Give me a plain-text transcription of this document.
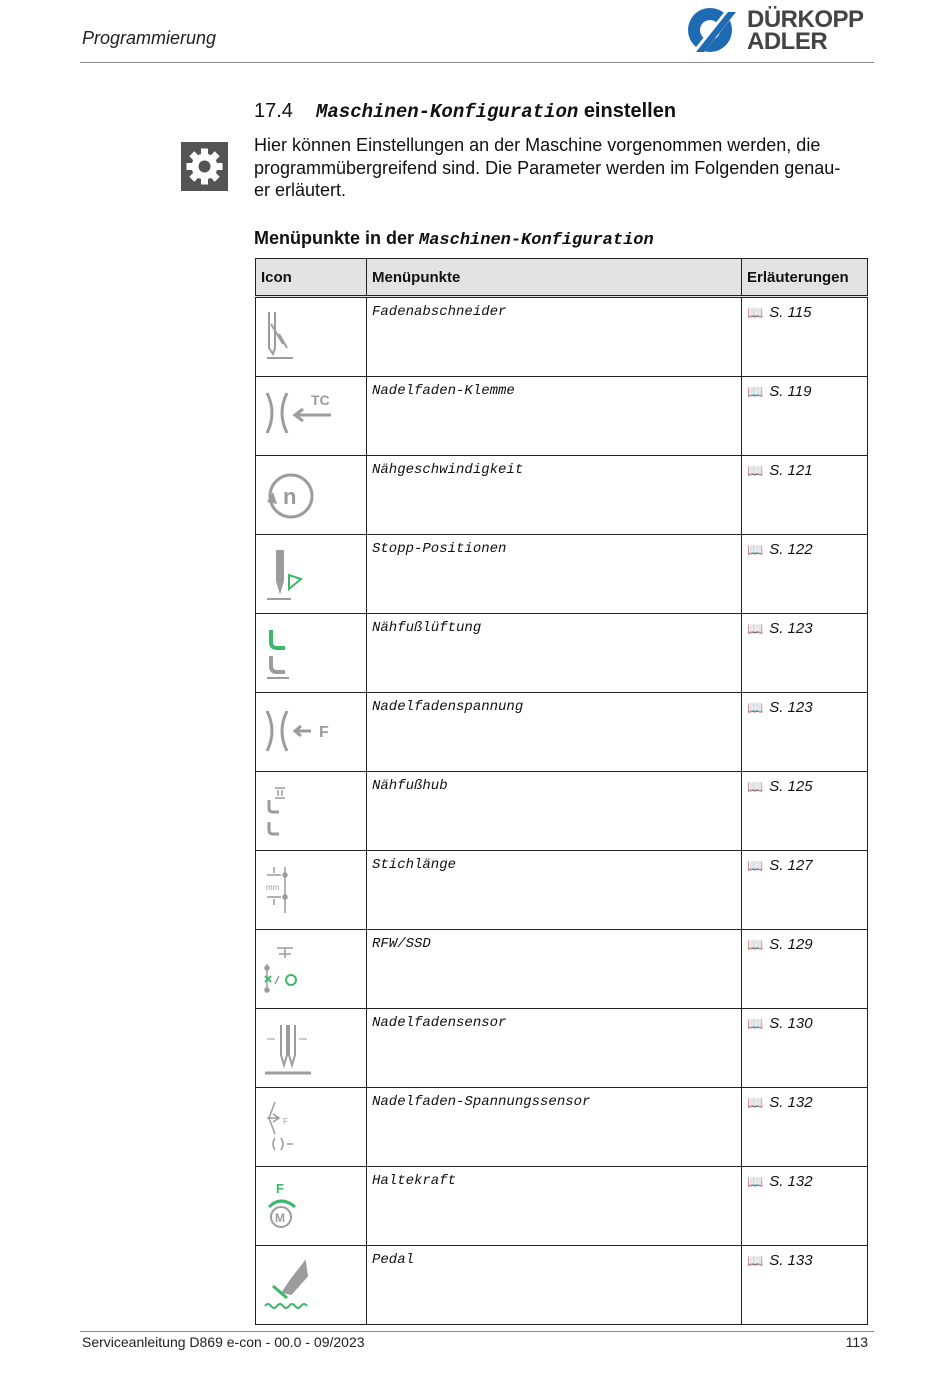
Programmierung
DÜRKOPP
ADLER
17.4 Maschinen-Konfiguration einstellen
Hier können Einstellungen an der Maschine vorgenommen werden, die
programmübergreifend sind. Die Parameter werden im Folgenden genau-
er erläutert.
Menüpunkte in der Maschinen-Konfiguration
Icon	Menüpunkte	Erläuterungen

	Fadenabschneider	📖 S. 115

TC	Nadelfaden-Klemme	📖 S. 119

n	Nähgeschwindigkeit	📖 S. 121

	Stopp-Positionen	📖 S. 122

	Nähfußlüftung	📖 S. 123

F	Nadelfadenspannung	📖 S. 123

	Nähfußhub	📖 S. 125

mm	Stichlänge	📖 S. 127

	RFW/SSD	📖 S. 129

	Nadelfadensensor	📖 S. 130

F	Nadelfaden-Spannungssensor	📖 S. 132

F
M	Haltekraft	📖 S. 132

	Pedal	📖 S. 133
Serviceanleitung D869 e-con - 00.0 - 09/2023	113
